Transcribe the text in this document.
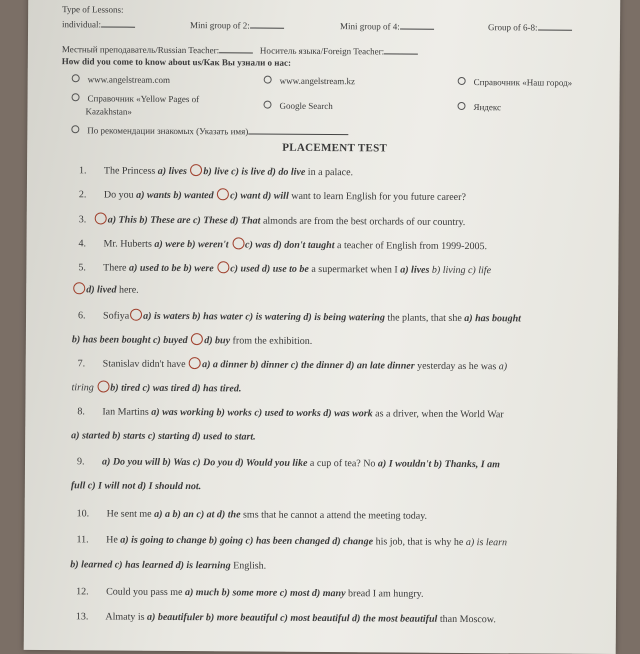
Type of Lessons:
individual:	Mini group of 2:	Mini group of 4:	Group of 6-8:
Местный преподаватель/Russian Teacher:	Носитель языка/Foreign Teacher:
How did you come to know about us/Как Вы узнали о нас:
www.angelstream.com	www.angelstream.kz	Справочник «Наш город»
Справочник «Yellow Pages of
Kazakhstan»
Google Search	Яндекс
По рекомендации знакомых (Указать имя)
PLACEMENT TEST
1. The Princess a) lives b) live c) is live d) do live in a palace.
2. Do you a) wants b) wanted c) want d) will want to learn English for you future career?
3. a) This b) These are c) These d) That almonds are from the best orchards of our country.
4. Mr. Huberts a) were b) weren't c) was d) don't taught a teacher of English from 1999-2005.
5. There a) used to be b) were c) used d) use to be a supermarket when I a) lives b) living c) life
d) lived here.
6. Sofiya a) is waters b) has water c) is watering d) is being watering the plants, that she a) has bought
b) has been bought c) buyed d) buy from the exhibition.
7. Stanislav didn't have a) a dinner b) dinner c) the dinner d) an late dinner yesterday as he was a)
tiring b) tired c) was tired d) has tired.
8. Ian Martins a) was working b) works c) used to works d) was work as a driver, when the World War
a) started b) starts c) starting d) used to start.
9. a) Do you will b) Was c) Do you d) Would you like a cup of tea? No a) I wouldn't b) Thanks, I am
full c) I will not d) I should not.
10. He sent me a) a b) an c) at d) the sms that he cannot a attend the meeting today.
11. He a) is going to change b) going c) has been changed d) change his job, that is why he a) is learn
b) learned c) has learned d) is learning English.
12. Could you pass me a) much b) some more c) most d) many bread I am hungry.
13. Almaty is a) beautifuler b) more beautiful c) most beautiful d) the most beautiful than Moscow.
